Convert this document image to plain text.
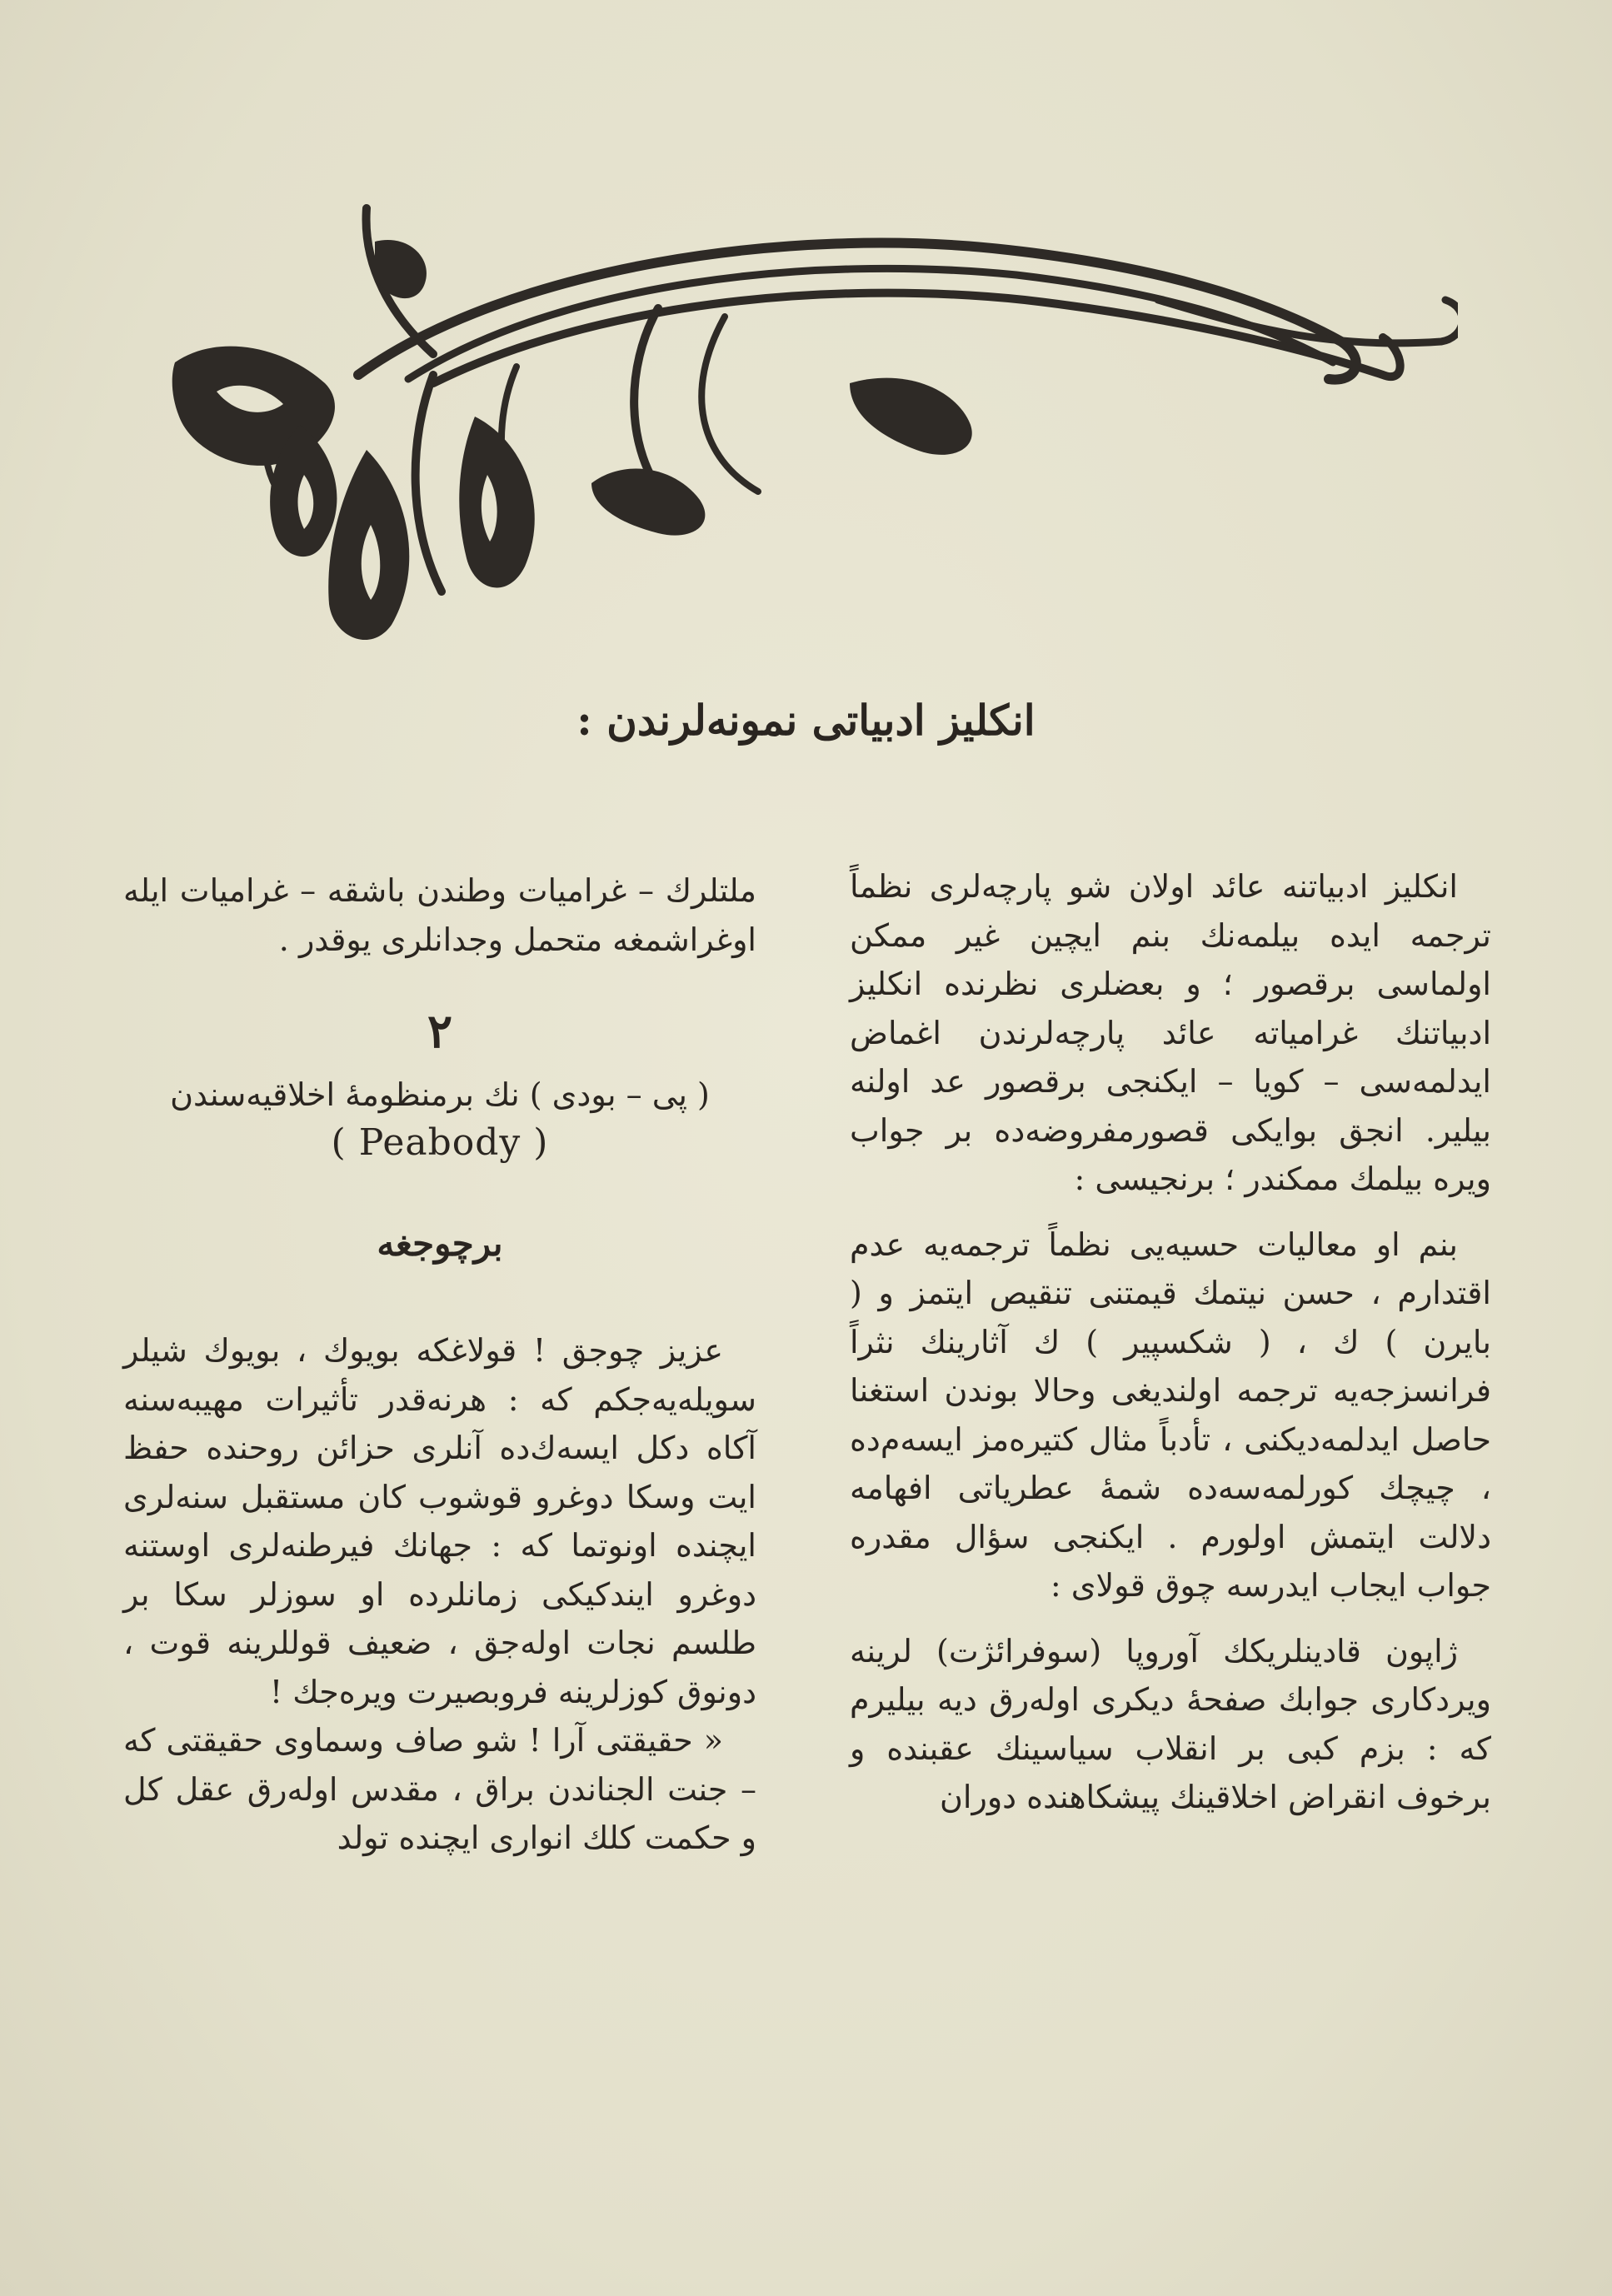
انكليز ادبياتى نمونه‌لرندن :

انكليز ادبياتنه عائد اولان شو پارچه‌لرى نظماً ترجمه ايده بيلمه‌نك بنم ايچين غير ممكن اولماسى برقصور ؛ و بعضلرى نظرنده انكليز ادبياتنك غرامياته عائد پارچه‌لرندن اغماض ايدلمه‌سى – كويا – ايكنجى برقصور عد اولنه بيلير. انجق بوايكى قصورمفروضه‌ده بر جواب ويره بيلمك ممكندر ؛ برنجيسى :

بنم او معاليات حسيه‌يى نظماً ترجمه‌يه عدم اقتدارم ، حسن نيتمك قيمتنى تنقيص ايتمز و ( بايرن ) ك ، ( شكسپير ) ك آثارينك نثراً فرانسزجه‌يه ترجمه اولنديغى وحالا بوندن استغنا حاصل ايدلمه‌ديكنى ، تأدباً مثال كتيره‌مز ايسه‌م‌ده ، چيچك كورلمه‌سه‌ده شمهٔ عطرياتى افهامه دلالت ايتمش اولورم . ايكنجى سؤال مقدره جواب ايجاب ايدرسه چوق قولاى :

ژاپون قادينلريكك آوروپا (سوفرائژت) لرينه ويردكارى جوابك صفحهٔ ديكرى اوله‌رق ديه بيليرم كه : بزم كبى بر انقلاب سياسينك عقبنده و برخوف انقراض اخلاقينك پيشكاهنده دوران

ملتلرك – غراميات وطندن باشقه – غراميات ايله اوغراشمغه متحمل وجدانلرى يوقدر .

٢

( پى – بودى ) نك برمنظومهٔ اخلاقيه‌سندن

( Peabody )

برچوجغه

عزيز چوجق ! قولاغكه بويوك ، بويوك شيلر سويله‌يه‌جكم كه : هرنه‌قدر تأثيرات مهيبه‌سنه آكاه دكل ايسه‌ك‌ده آنلرى حزائن روحنده حفظ ايت وسكا دوغرو قوشوب كان مستقبل سنه‌لرى ايچنده اونوتما كه : جهانك فيرطنه‌لرى اوستنه دوغرو ايندكيكى زمانلرده او سوزلر سكا بر طلسم نجات اوله‌جق ، ضعيف قوللرينه قوت ، دونوق كوزلرينه فروبصيرت ويره‌جك !

« حقيقتى آرا ! شو صاف وسماوى حقيقتى كه – جنت الجناندن براق ، مقدس اوله‌رق عقل كل و حكمت كلك انوارى ايچنده تولد
